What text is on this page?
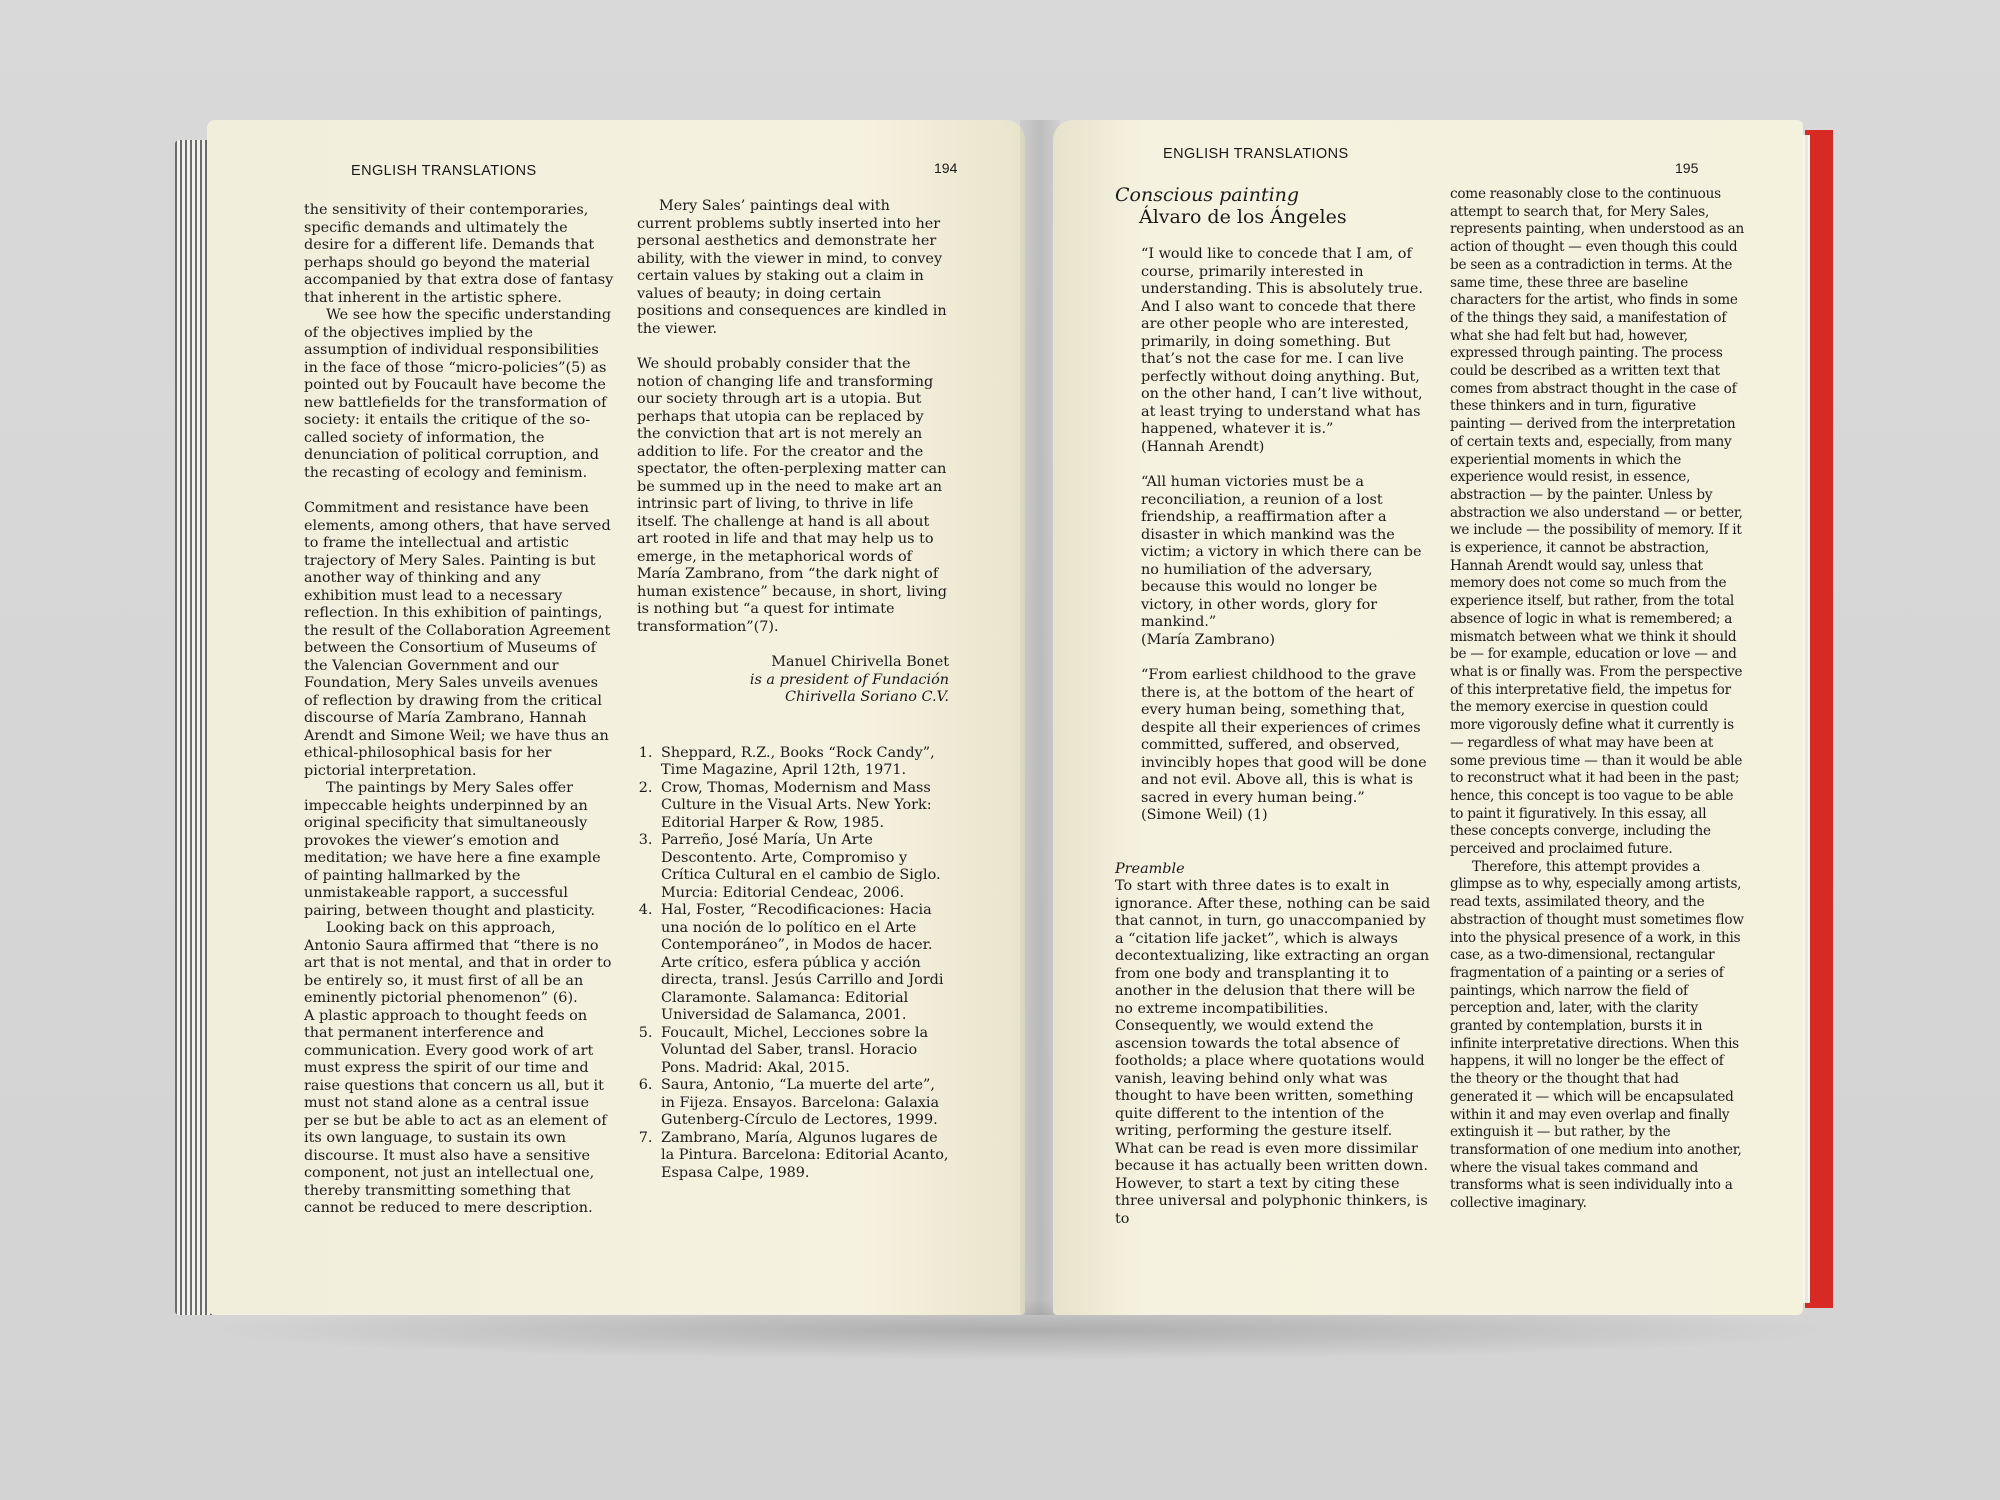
ENGLISH TRANSLATIONS	194

the sensitivity of their contemporaries, specific demands and ultimately the desire for a different life. Demands that perhaps should go beyond the material accompanied by that extra dose of fantasy that inherent in the artistic sphere.

We see how the specific understanding of the objectives implied by the assumption of individual responsibilities in the face of those “micro-policies”(5) as pointed out by Foucault have become the new battlefields for the transformation of society: it entails the critique of the so-called society of information, the denunciation of political corruption, and the recasting of ecology and feminism.

Commitment and resistance have been elements, among others, that have served to frame the intellectual and artistic trajectory of Mery Sales. Painting is but another way of thinking and any exhibition must lead to a necessary reflection. In this exhibition of paintings, the result of the Collaboration Agreement between the Consortium of Museums of the Valencian Government and our Foundation, Mery Sales unveils avenues of reflection by drawing from the critical discourse of María Zambrano, Hannah Arendt and Simone Weil; we have thus an ethical-philosophical basis for her pictorial interpretation.

The paintings by Mery Sales offer impeccable heights underpinned by an original specificity that simultaneously provokes the viewer’s emotion and meditation; we have here a fine example of painting hallmarked by the unmistakeable rapport, a successful pairing, between thought and plasticity.

Looking back on this approach, Antonio Saura affirmed that “there is no art that is not mental, and that in order to be entirely so, it must first of all be an eminently pictorial phenomenon” (6).

A plastic approach to thought feeds on that permanent interference and communication. Every good work of art must express the spirit of our time and raise questions that concern us all, but it must not stand alone as a central issue per se but be able to act as an element of its own language, to sustain its own discourse. It must also have a sensitive component, not just an intellectual one, thereby transmitting something that cannot be reduced to mere description.

Mery Sales’ paintings deal with current problems subtly inserted into her personal aesthetics and demonstrate her ability, with the viewer in mind, to convey certain values by staking out a claim in values of beauty; in doing certain positions and consequences are kindled in the viewer.

We should probably consider that the notion of changing life and transforming our society through art is a utopia. But perhaps that utopia can be replaced by the conviction that art is not merely an addition to life. For the creator and the spectator, the often-perplexing matter can be summed up in the need to make art an intrinsic part of living, to thrive in life itself. The challenge at hand is all about art rooted in life and that may help us to emerge, in the metaphorical words of María Zambrano, from “the dark night of human existence” because, in short, living is nothing but “a quest for intimate transformation”(7).

Manuel Chirivella Bonet
is a president of Fundación
Chirivella Soriano C.V.
1. Sheppard, R.Z., Books “Rock Candy”, Time Magazine, April 12th, 1971.
2. Crow, Thomas, Modernism and Mass Culture in the Visual Arts. New York: Editorial Harper & Row, 1985.
3. Parreño, José María, Un Arte Descontento. Arte, Compromiso y Crítica Cultural en el cambio de Siglo. Murcia: Editorial Cendeac, 2006.
4. Hal, Foster, “Recodificaciones: Hacia una noción de lo político en el Arte Contemporáneo”, in Modos de hacer. Arte crítico, esfera pública y acción directa, transl. Jesús Carrillo and Jordi Claramonte. Salamanca: Editorial Universidad de Salamanca, 2001.
5. Foucault, Michel, Lecciones sobre la Voluntad del Saber, transl. Horacio Pons. Madrid: Akal, 2015.
6. Saura, Antonio, “La muerte del arte”, in Fijeza. Ensayos. Barcelona: Galaxia Gutenberg-Círculo de Lectores, 1999.
7. Zambrano, María, Algunos lugares de la Pintura. Barcelona: Editorial Acanto, Espasa Calpe, 1989.
ENGLISH TRANSLATIONS
195
Conscious painting
Álvaro de los Ángeles

“I would like to concede that I am, of course, primarily interested in understanding. This is absolutely true. And I also want to concede that there are other people who are interested, primarily, in doing something. But that’s not the case for me. I can live perfectly without doing anything. But, on the other hand, I can’t live without, at least trying to understand what has happened, whatever it is.”

(Hannah Arendt)

“All human victories must be a reconciliation, a reunion of a lost friendship, a reaffirmation after a disaster in which mankind was the victim; a victory in which there can be no humiliation of the adversary, because this would no longer be victory, in other words, glory for mankind.”

(María Zambrano)

“From earliest childhood to the grave there is, at the bottom of the heart of every human being, something that, despite all their experiences of crimes committed, suffered, and observed, invincibly hopes that good will be done and not evil. Above all, this is what is sacred in every human being.”

(Simone Weil) (1)

Preamble

To start with three dates is to exalt in ignorance. After these, nothing can be said that cannot, in turn, go unaccompanied by a “citation life jacket”, which is always decontextualizing, like extracting an organ from one body and transplanting it to another in the delusion that there will be no extreme incompatibilities. Consequently, we would extend the ascension towards the total absence of footholds; a place where quotations would vanish, leaving behind only what was thought to have been written, something quite different to the intention of the writing, performing the gesture itself. What can be read is even more dissimilar because it has actually been written down. However, to start a text by citing these three universal and polyphonic thinkers, is to

come reasonably close to the continuous attempt to search that, for Mery Sales, represents painting, when understood as an action of thought — even though this could be seen as a contradiction in terms. At the same time, these three are baseline characters for the artist, who finds in some of the things they said, a manifestation of what she had felt but had, however, expressed through painting. The process could be described as a written text that comes from abstract thought in the case of these thinkers and in turn, figurative painting — derived from the interpretation of certain texts and, especially, from many experiential moments in which the experience would resist, in essence, abstraction — by the painter. Unless by abstraction we also understand — or better, we include — the possibility of memory. If it is experience, it cannot be abstraction, Hannah Arendt would say, unless that memory does not come so much from the experience itself, but rather, from the total absence of logic in what is remembered; a mismatch between what we think it should be — for example, education or love — and what is or finally was. From the perspective of this interpretative field, the impetus for the memory exercise in question could more vigorously define what it currently is — regardless of what may have been at some previous time — than it would be able to reconstruct what it had been in the past; hence, this concept is too vague to be able to paint it figuratively. In this essay, all these concepts converge, including the perceived and proclaimed future.

Therefore, this attempt provides a glimpse as to why, especially among artists, read texts, assimilated theory, and the abstraction of thought must sometimes flow into the physical presence of a work, in this case, as a two-dimensional, rectangular fragmentation of a painting or a series of paintings, which narrow the field of perception and, later, with the clarity granted by contemplation, bursts it in infinite interpretative directions. When this happens, it will no longer be the effect of the theory or the thought that had generated it — which will be encapsulated within it and may even overlap and finally extinguish it — but rather, by the transformation of one medium into another, where the visual takes command and transforms what is seen individually into a collective imaginary.
